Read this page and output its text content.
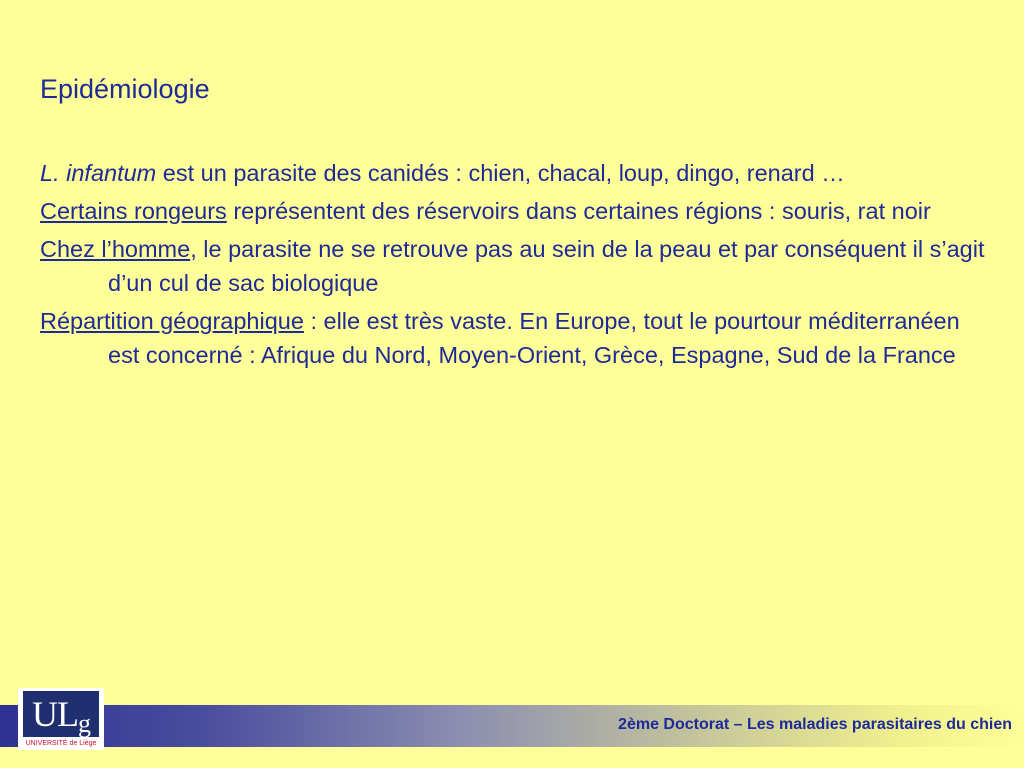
Epidémiologie

L. infantum est un parasite des canidés : chien, chacal, loup, dingo, renard …

Certains rongeurs représentent des réservoirs dans certaines régions : souris, rat noir

Chez l’homme, le parasite ne se retrouve pas au sein de la peau et par conséquent il s’agit d’un cul de sac biologique

Répartition géographique : elle est très vaste. En Europe, tout le pourtour méditerranéen est concerné : Afrique du Nord, Moyen-Orient, Grèce, Espagne, Sud de la France

2ème Doctorat – Les maladies parasitaires du chien
ULg
UNIVERSITÉ de Liège
